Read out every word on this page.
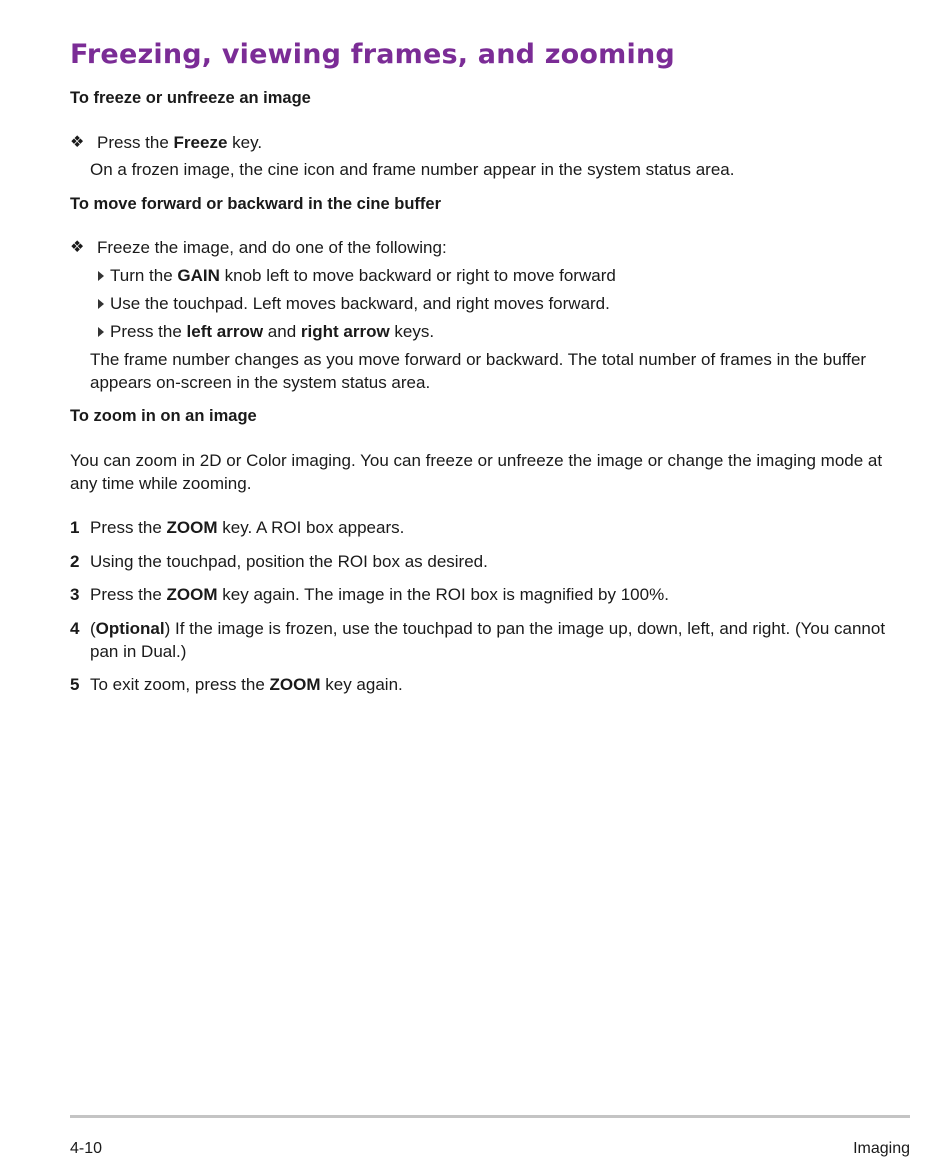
Freezing, viewing frames, and zooming
To freeze or unfreeze an image
❖ Press the Freeze key.

On a frozen image, the cine icon and frame number appear in the system status area.

To move forward or backward in the cine buffer
❖ Freeze the image, and do one of the following:

Turn the GAIN knob left to move backward or right to move forward

Use the touchpad. Left moves backward, and right moves forward.

Press the left arrow and right arrow keys.

The frame number changes as you move forward or backward. The total number of frames in the buffer appears on-screen in the system status area.

To zoom in on an image

You can zoom in 2D or Color imaging. You can freeze or unfreeze the image or change the imaging mode at any time while zooming.

1 Press the ZOOM key. A ROI box appears.

2 Using the touchpad, position the ROI box as desired.

3 Press the ZOOM key again. The image in the ROI box is magnified by 100%.

4 (Optional) If the image is frozen, use the touchpad to pan the image up, down, left, and right. (You cannot pan in Dual.)

5 To exit zoom, press the ZOOM key again.

4-10	Imaging
